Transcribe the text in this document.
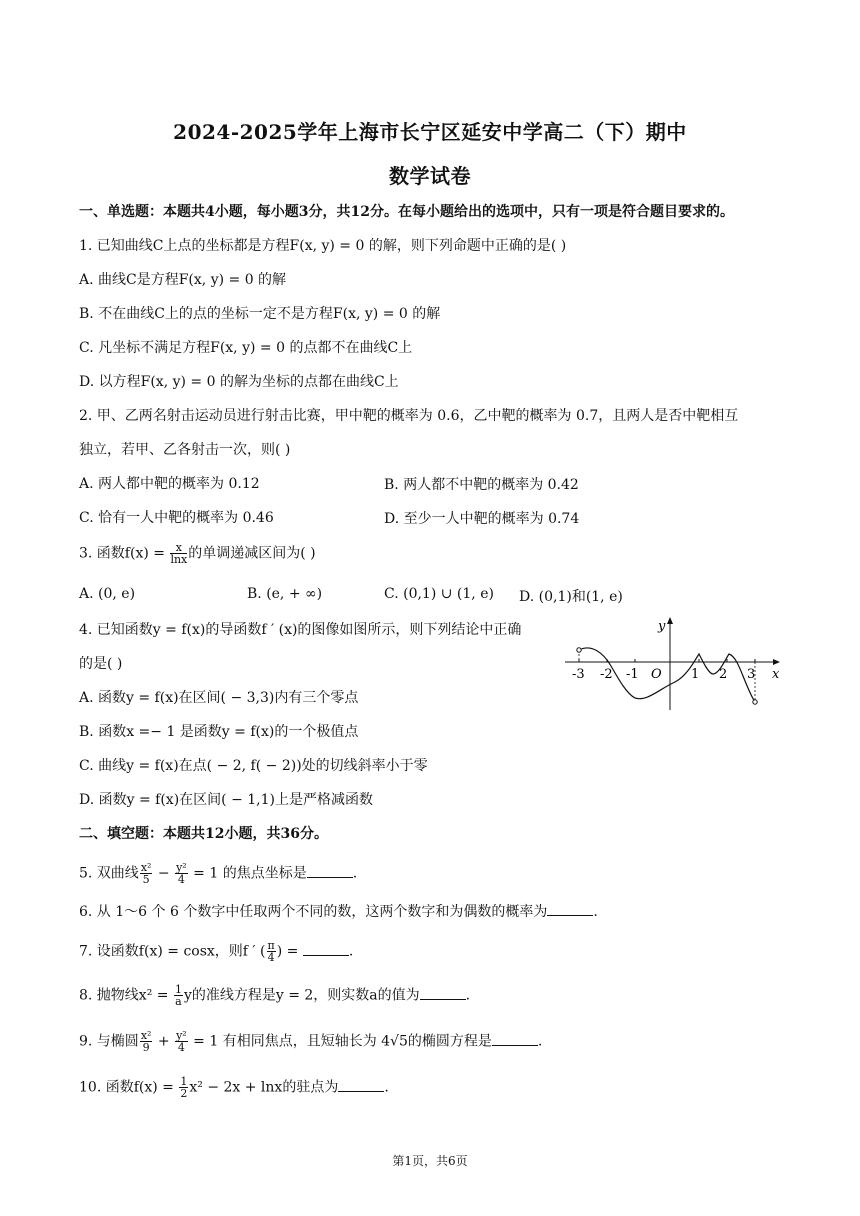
2024-2025学年上海市长宁区延安中学高二（下）期中
数学试卷
一、单选题：本题共4小题，每小题3分，共12分。在每小题给出的选项中，只有一项是符合题目要求的。
1. 已知曲线C上点的坐标都是方程F(x, y) = 0 的解，则下列命题中正确的是( )
A. 曲线C是方程F(x, y) = 0 的解
B. 不在曲线C上的点的坐标一定不是方程F(x, y) = 0 的解
C. 凡坐标不满足方程F(x, y) = 0 的点都不在曲线C上
D. 以方程F(x, y) = 0 的解为坐标的点都在曲线C上
2. 甲、乙两名射击运动员进行射击比赛，甲中靶的概率为 0.6，乙中靶的概率为 0.7，且两人是否中靶相互
独立，若甲、乙各射击一次，则( )
A. 两人都中靶的概率为 0.12	B. 两人都不中靶的概率为 0.42
C. 恰有一人中靶的概率为 0.46	D. 至少一人中靶的概率为 0.74
3. 函数$f(x) = \frac{x}{\ln x}$ 的单调递减区间为( )
A. (0, e)	B. (e, + ∞)	C. (0,1) ∪ (1, e) D. (0,1)和(1, e)
4. 已知函数y = f(x)的导函数f ′ (x)的图像如图所示，则下列结论中正确
的是( )
A. 函数y = f(x)在区间( − 3,3)内有三个零点
B. 函数x =− 1 是函数y = f(x)的一个极值点
C. 曲线y = f(x)在点( − 2, f( − 2))处的切线斜率小于零
D. 函数y = f(x)在区间( − 1,1)上是严格减函数
y
x
O
-3 -2 -1	1 2 3
二、填空题：本题共12小题，共36分。
5. 双曲线 $\frac{\text{x²}}{5} - \frac{\text{y²}}{4} = 1$ 的焦点坐标是	.
6. 从 1～6 个 6 个数字中任取两个不同的数，这两个数字和为偶数的概率为	.
7. 设函数f(x) = cosx，则f ′ ( $\frac{\pi}{4}$ ) =	.
8. 抛物线$x^2 = \frac{1}{a}$ y的准线方程是y = 2，则实数a的值为	.
9. 与椭圆 $\frac{\text{x²}}{9} + \frac{\text{y²}}{4} = 1$ 有相同焦点，且短轴长为 4√5的椭圆方程是	.
10. 函数$f(x) = \frac{1}{2} x^2 - 2x + \ln x$的驻点为	.
第1页，共6页
